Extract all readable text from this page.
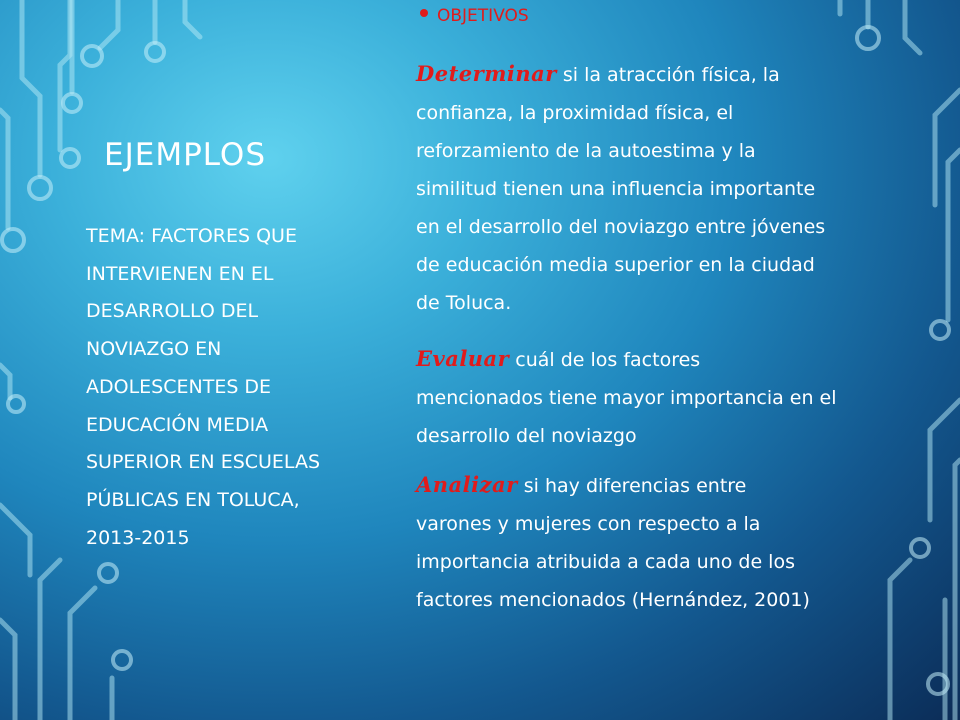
EJEMPLOS
TEMA: FACTORES QUE
INTERVIENEN EN EL
DESARROLLO DEL
NOVIAZGO EN
ADOLESCENTES DE
EDUCACIÓN MEDIA
SUPERIOR EN ESCUELAS
PÚBLICAS EN TOLUCA,
2013-2015
OBJETIVOS
Determinar si la atracción física, la
confianza, la proximidad física, el
reforzamiento de la autoestima y la
similitud tienen una influencia importante
en el desarrollo del noviazgo entre jóvenes
de educación media superior en la ciudad
de Toluca.
Evaluar cuál de los factores
mencionados tiene mayor importancia en el
desarrollo del noviazgo
Analizar si hay diferencias entre
varones y mujeres con respecto a la
importancia atribuida a cada uno de los
factores mencionados (Hernández, 2001)
